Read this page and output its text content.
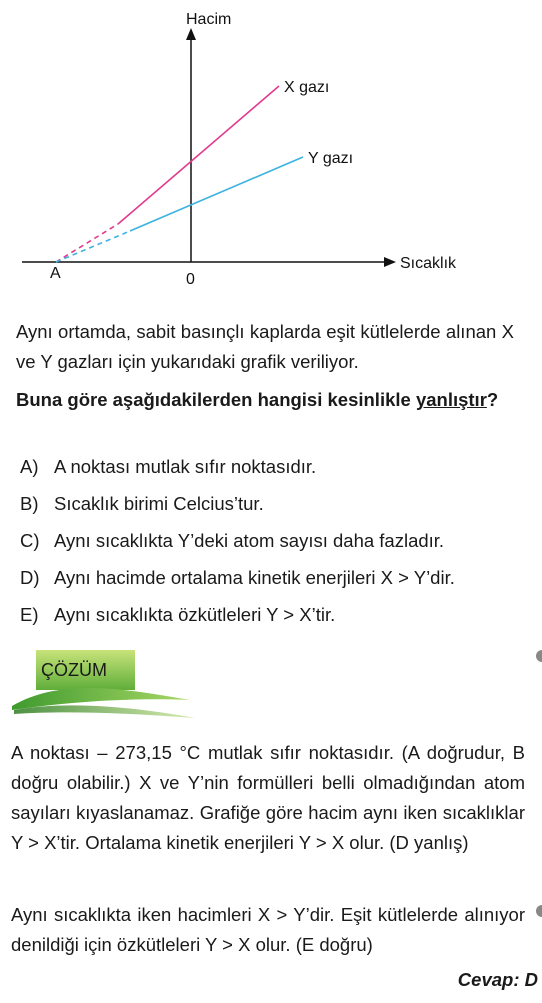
Hacim
Sıcaklık
0
A
X gazı
Y gazı
Aynı ortamda, sabit basınçlı kaplarda eşit kütlelerde alınan X ve Y gazları için yukarıdaki grafik veriliyor.
Buna göre aşağıdakilerden hangisi kesinlikle yanlıştır?
A) A noktası mutlak sıfır noktasıdır.
B) Sıcaklık birimi Celcius’tur.
C) Aynı sıcaklıkta Y’deki atom sayısı daha fazladır.
D) Aynı hacimde ortalama kinetik enerjileri X > Y’dir.
E) Aynı sıcaklıkta özkütleleri Y > X’tir.
ÇÖZÜM
A noktası – 273,15 °C mutlak sıfır noktasıdır. (A doğrudur, B doğru olabilir.) X ve Y’nin formülleri belli olmadığından atom sayıları kıyaslanamaz. Grafiğe göre hacim aynı iken sıcaklıklar Y > X’tir. Ortalama kinetik enerjileri Y > X olur. (D yanlış)
Aynı sıcaklıkta iken hacimleri X > Y’dir. Eşit kütlelerde alınıyor denildiği için özkütleleri Y > X olur. (E doğru)
Cevap: D
